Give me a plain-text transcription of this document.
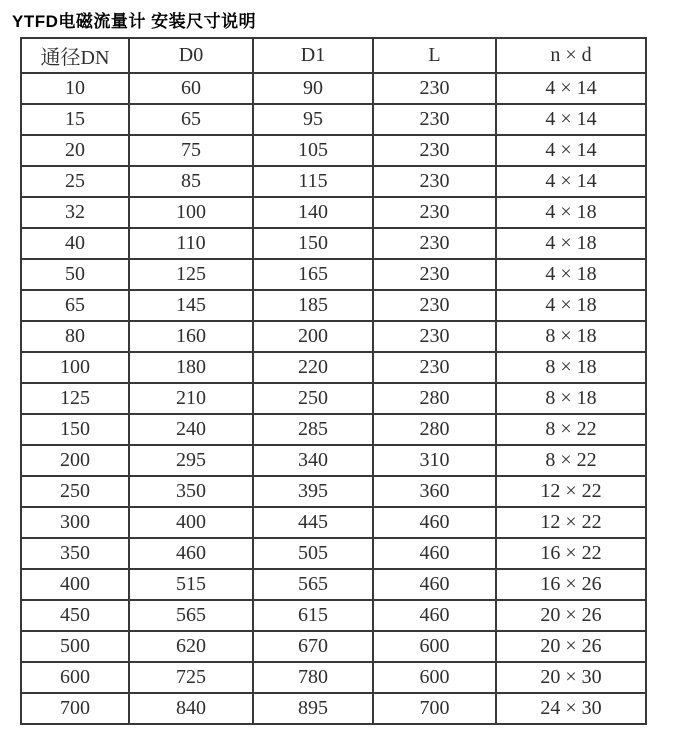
YTFD电磁流量计 安装尺寸说明
通径DN	D0	D1	L	n × d
10	60	90	230	4 × 14
15	65	95	230	4 × 14
20	75	105	230	4 × 14
25	85	115	230	4 × 14
32	100	140	230	4 × 18
40	110	150	230	4 × 18
50	125	165	230	4 × 18
65	145	185	230	4 × 18
80	160	200	230	8 × 18
100	180	220	230	8 × 18
125	210	250	280	8 × 18
150	240	285	280	8 × 22
200	295	340	310	8 × 22
250	350	395	360	12 × 22
300	400	445	460	12 × 22
350	460	505	460	16 × 22
400	515	565	460	16 × 26
450	565	615	460	20 × 26
500	620	670	600	20 × 26
600	725	780	600	20 × 30
700	840	895	700	24 × 30
